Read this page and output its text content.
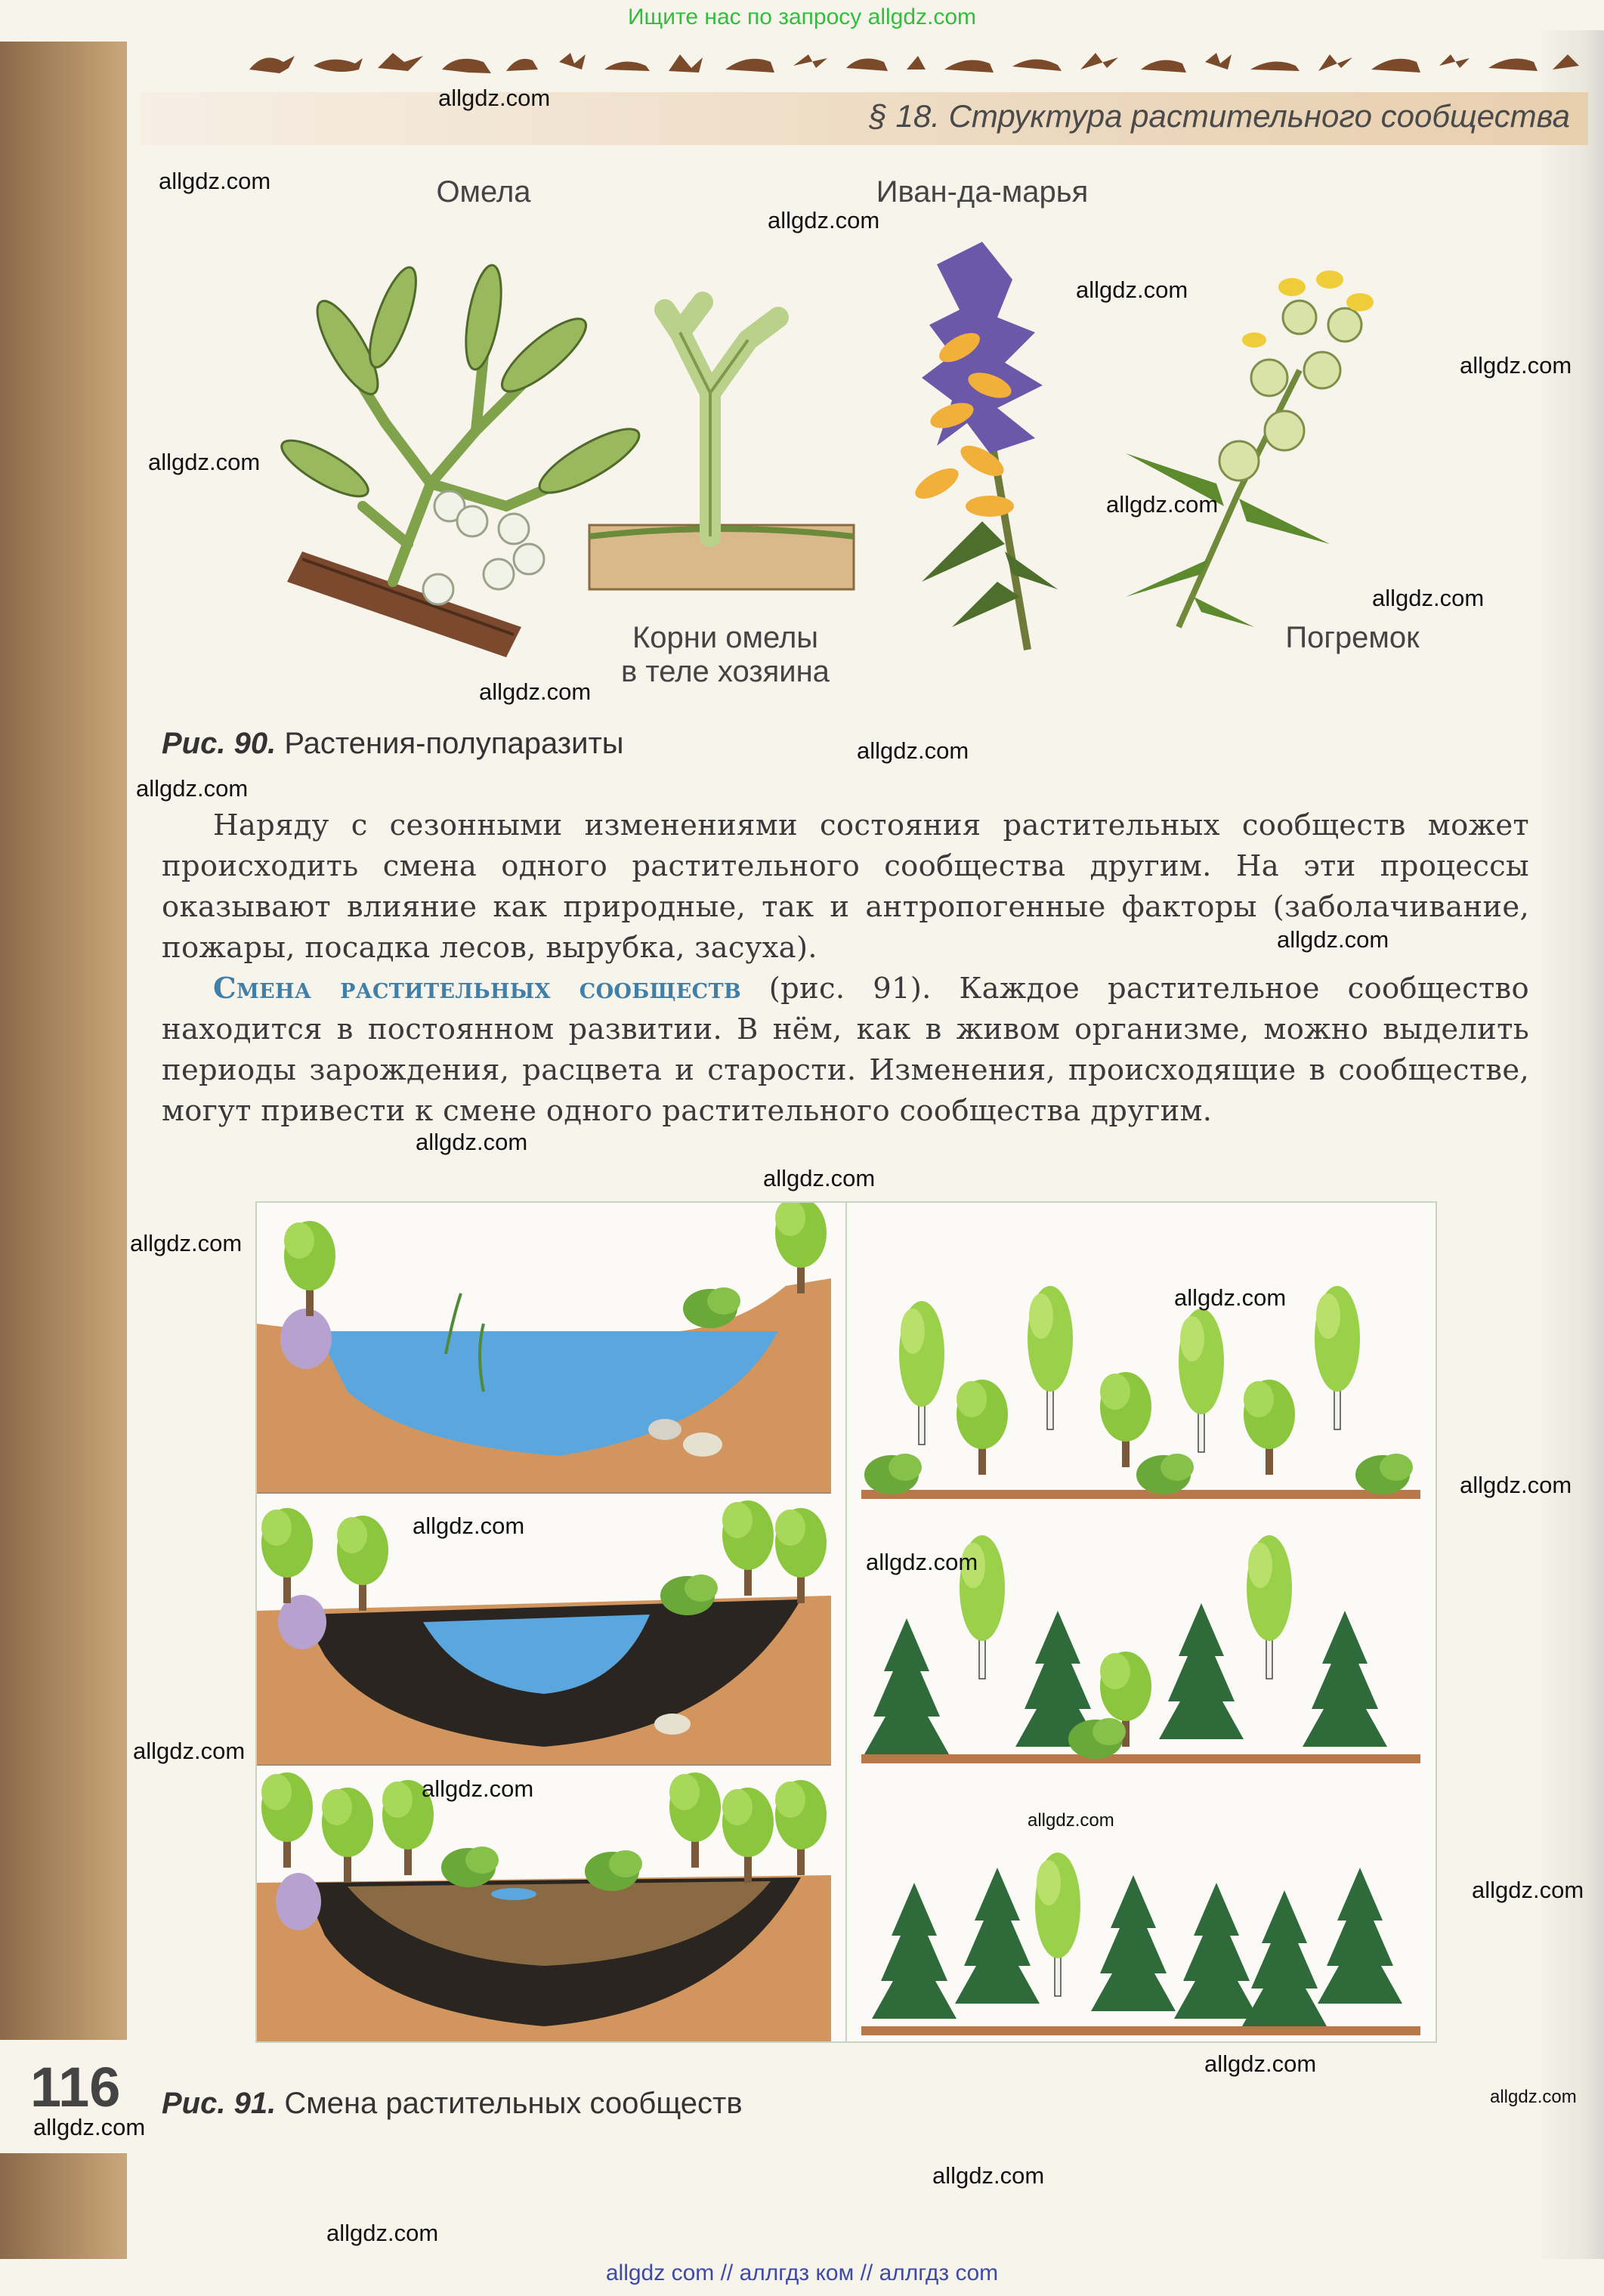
Ищите нас по запросу allgdz.com
allgdz com // аллгдз ком // аллгдз com
§ 18. Структура растительного сообщества
Омела	Иван-да-марья
Корни омелы
в теле хозяина
Погремок
Рис. 90. Растения-полупаразиты

Наряду с сезонными изменениями состояния растительных сообществ может происходить смена одного растительного сообщества другим. На эти процессы оказывают влияние как природные, так и антропогенные факторы (заболачивание, пожары, посадка лесов, вырубка, засуха).

Смена растительных сообществ (рис. 91). Каждое растительное сообщество находится в постоянном развитии. В нём, как в живом организме, можно выделить периоды зарождения, расцвета и старости. Изменения, происходящие в сообществе, могут привести к смене одного растительного сообщества другим.

Рис. 91. Смена растительных сообществ
116
allgdz.com
allgdz.com
allgdz.com
allgdz.com
allgdz.com
allgdz.com
allgdz.com
allgdz.com
allgdz.com
allgdz.com
allgdz.com
allgdz.com
allgdz.com
allgdz.com
allgdz.com
allgdz.com
allgdz.com
allgdz.com
allgdz.com
allgdz.com
allgdz.com
allgdz.com
allgdz.com
allgdz.com
allgdz.com
allgdz.com
allgdz.com
allgdz.com
